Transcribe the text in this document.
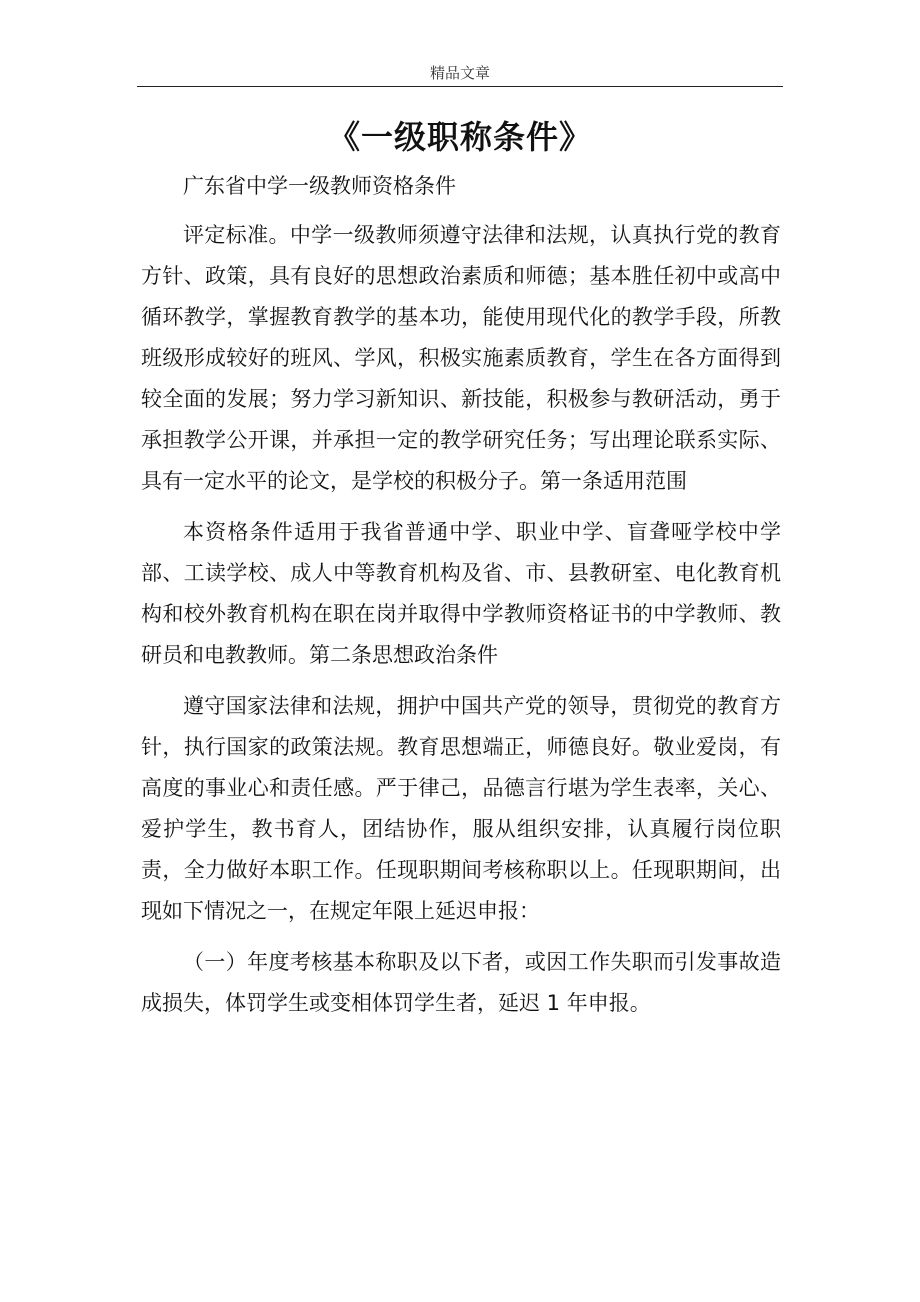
精品文章
《一级职称条件》

广东省中学一级教师资格条件

评定标准。中学一级教师须遵守法律和法规，认真执行党的教育方针、政策，具有良好的思想政治素质和师德；基本胜任初中或高中循环教学，掌握教育教学的基本功，能使用现代化的教学手段，所教班级形成较好的班风、学风，积极实施素质教育，学生在各方面得到较全面的发展；努力学习新知识、新技能，积极参与教研活动，勇于承担教学公开课，并承担一定的教学研究任务；写出理论联系实际、具有一定水平的论文，是学校的积极分子。第一条适用范围

本资格条件适用于我省普通中学、职业中学、盲聋哑学校中学部、工读学校、成人中等教育机构及省、市、县教研室、电化教育机构和校外教育机构在职在岗并取得中学教师资格证书的中学教师、教研员和电教教师。第二条思想政治条件

遵守国家法律和法规，拥护中国共产党的领导，贯彻党的教育方针，执行国家的政策法规。教育思想端正，师德良好。敬业爱岗，有高度的事业心和责任感。严于律己，品德言行堪为学生表率，关心、爱护学生，教书育人，团结协作，服从组织安排，认真履行岗位职责，全力做好本职工作。任现职期间考核称职以上。任现职期间，出现如下情况之一，在规定年限上延迟申报：

（一）年度考核基本称职及以下者，或因工作失职而引发事故造成损失，体罚学生或变相体罚学生者，延迟 1 年申报。
